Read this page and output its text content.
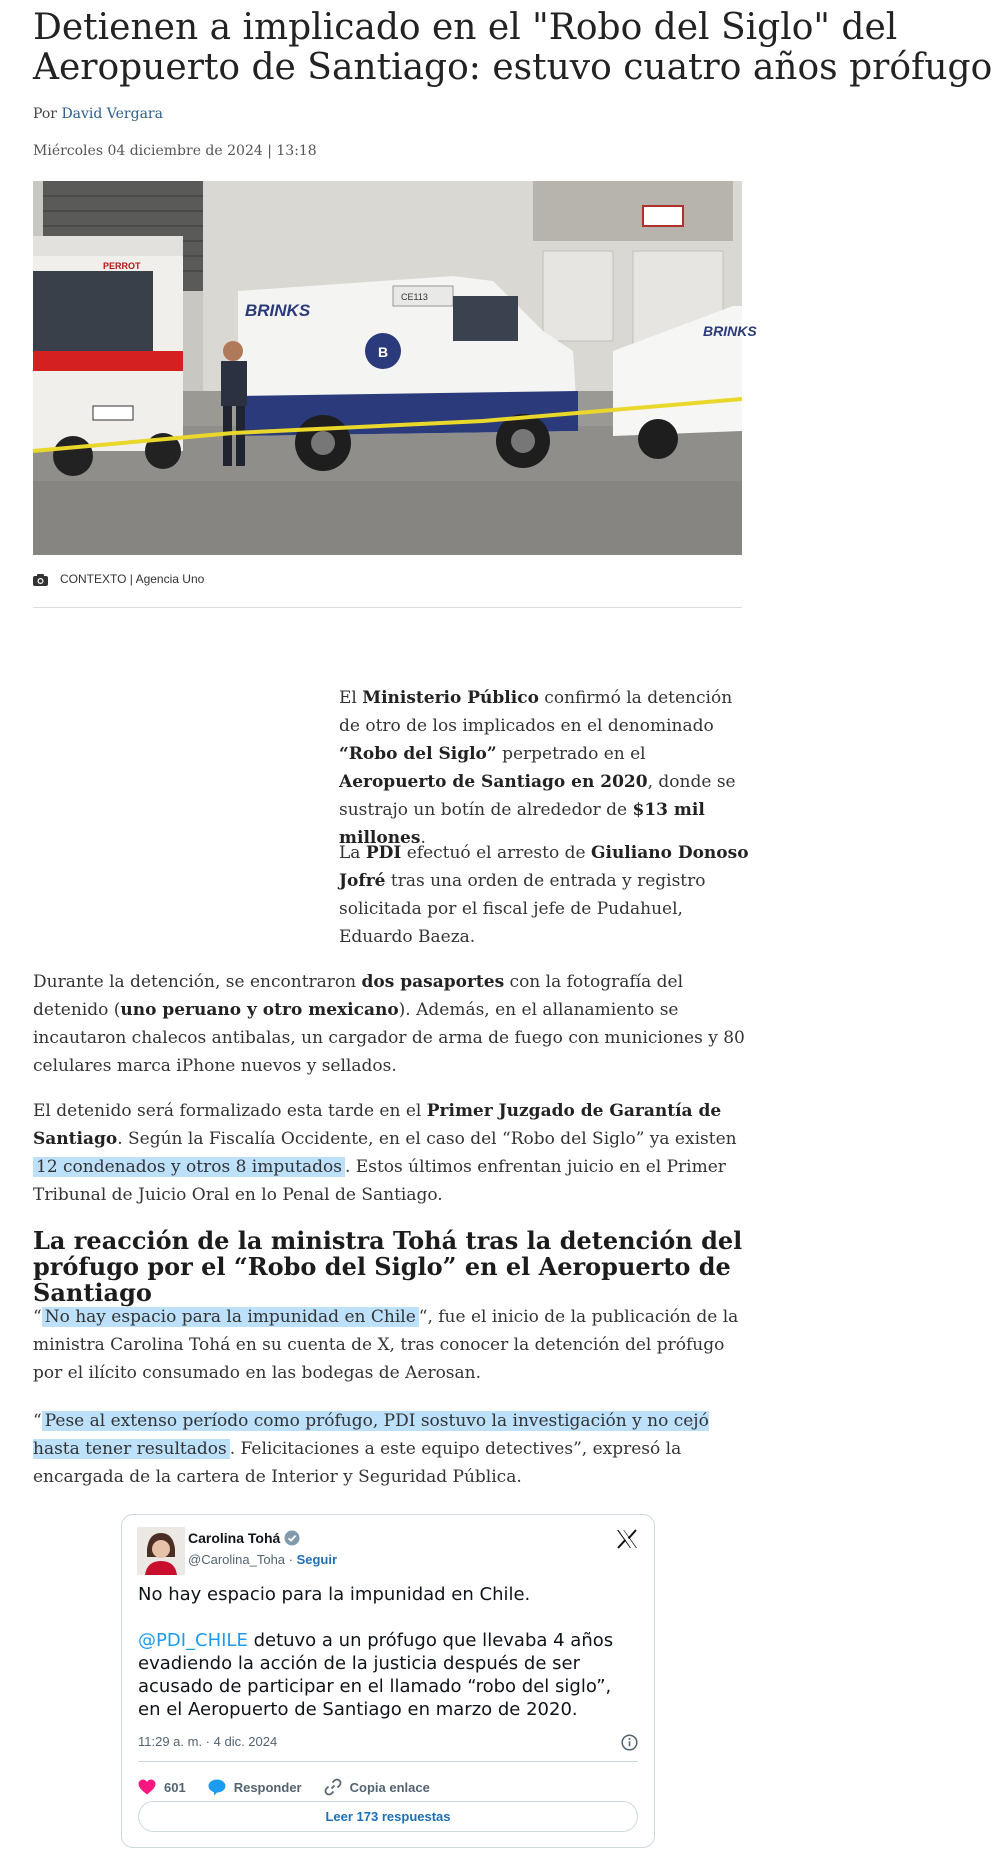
Detienen a implicado en el "Robo del Siglo" del Aeropuerto de Santiago: estuvo cuatro años prófugo
Por David Vergara
Miércoles 04 diciembre de 2024 | 13:18
PERROT
CE113
BRINKS
B
BRINKS
CONTEXTO | Agencia Uno

El Ministerio Público confirmó la detención de otro de los implicados en el denominado “Robo del Siglo” perpetrado en el Aeropuerto de Santiago en 2020, donde se sustrajo un botín de alrededor de $13 mil millones.

La PDI efectuó el arresto de Giuliano Donoso Jofré tras una orden de entrada y registro solicitada por el fiscal jefe de Pudahuel, Eduardo Baeza.

Durante la detención, se encontraron dos pasaportes con la fotografía del detenido (uno peruano y otro mexicano). Además, en el allanamiento se incautaron chalecos antibalas, un cargador de arma de fuego con municiones y 80 celulares marca iPhone nuevos y sellados.

El detenido será formalizado esta tarde en el Primer Juzgado de Garantía de Santiago. Según la Fiscalía Occidente, en el caso del “Robo del Siglo” ya existen 12 condenados y otros 8 imputados . Estos últimos enfrentan juicio en el Primer Tribunal de Juicio Oral en lo Penal de Santiago.

La reacción de la ministra Tohá tras la detención del prófugo por el “Robo del Siglo” en el Aeropuerto de Santiago

“ No hay espacio para la impunidad en Chile “, fue el inicio de la publicación de la ministra Carolina Tohá en su cuenta de X, tras conocer la detención del prófugo por el ilícito consumado en las bodegas de Aerosan.

“ Pese al extenso período como prófugo, PDI sostuvo la investigación y no cejó hasta tener resultados . Felicitaciones a este equipo detectives”, expresó la encargada de la cartera de Interior y Seguridad Pública.

Carolina Tohá
@Carolina_Toha · Seguir
No hay espacio para la impunidad en Chile.
@PDI_CHILE detuvo a un prófugo que llevaba 4 años evadiendo la acción de la justicia después de ser acusado de participar en el llamado “robo del siglo”, en el Aeropuerto de Santiago en marzo de 2020.
11:29 a. m. · 4 dic. 2024
601	Responder	Copia enlace
Leer 173 respuestas
